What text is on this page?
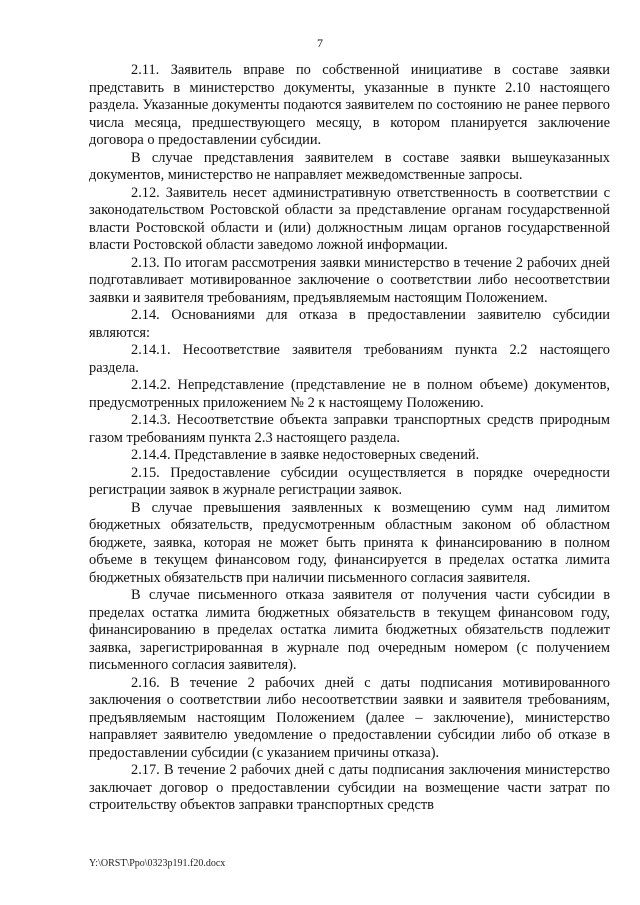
7

2.11. Заявитель вправе по собственной инициативе в составе заявки представить в министерство документы, указанные в пункте 2.10 настоящего раздела. Указанные документы подаются заявителем по состоянию не ранее первого числа месяца, предшествующего месяцу, в котором планируется заключение договора о предоставлении субсидии.

В случае представления заявителем в составе заявки вышеуказанных документов, министерство не направляет межведомственные запросы.

2.12. Заявитель несет административную ответственность в соответствии с законодательством Ростовской области за представление органам государственной власти Ростовской области и (или) должностным лицам органов государственной власти Ростовской области заведомо ложной информации.

2.13. По итогам рассмотрения заявки министерство в течение 2 рабочих дней подготавливает мотивированное заключение о соответствии либо несоответствии заявки и заявителя требованиям, предъявляемым настоящим Положением.

2.14. Основаниями для отказа в предоставлении заявителю субсидии являются:

2.14.1. Несоответствие заявителя требованиям пункта 2.2 настоящего раздела.

2.14.2. Непредставление (представление не в полном объеме) документов, предусмотренных приложением № 2 к настоящему Положению.

2.14.3. Несоответствие объекта заправки транспортных средств природным газом требованиям пункта 2.3 настоящего раздела.

2.14.4. Представление в заявке недостоверных сведений.

2.15. Предоставление субсидии осуществляется в порядке очередности регистрации заявок в журнале регистрации заявок.

В случае превышения заявленных к возмещению сумм над лимитом бюджетных обязательств, предусмотренным областным законом об областном бюджете, заявка, которая не может быть принята к финансированию в полном объеме в текущем финансовом году, финансируется в пределах остатка лимита бюджетных обязательств при наличии письменного согласия заявителя.

В случае письменного отказа заявителя от получения части субсидии в пределах остатка лимита бюджетных обязательств в текущем финансовом году, финансированию в пределах остатка лимита бюджетных обязательств подлежит заявка, зарегистрированная в журнале под очередным номером (с получением письменного согласия заявителя).

2.16. В течение 2 рабочих дней с даты подписания мотивированного заключения о соответствии либо несоответствии заявки и заявителя требованиям, предъявляемым настоящим Положением (далее – заключение), министерство направляет заявителю уведомление о предоставлении субсидии либо об отказе в предоставлении субсидии (с указанием причины отказа).

2.17. В течение 2 рабочих дней с даты подписания заключения министерство заключает договор о предоставлении субсидии на возмещение части затрат по строительству объектов заправки транспортных средств

Y:\ORST\Ppo\0323p191.f20.docx
